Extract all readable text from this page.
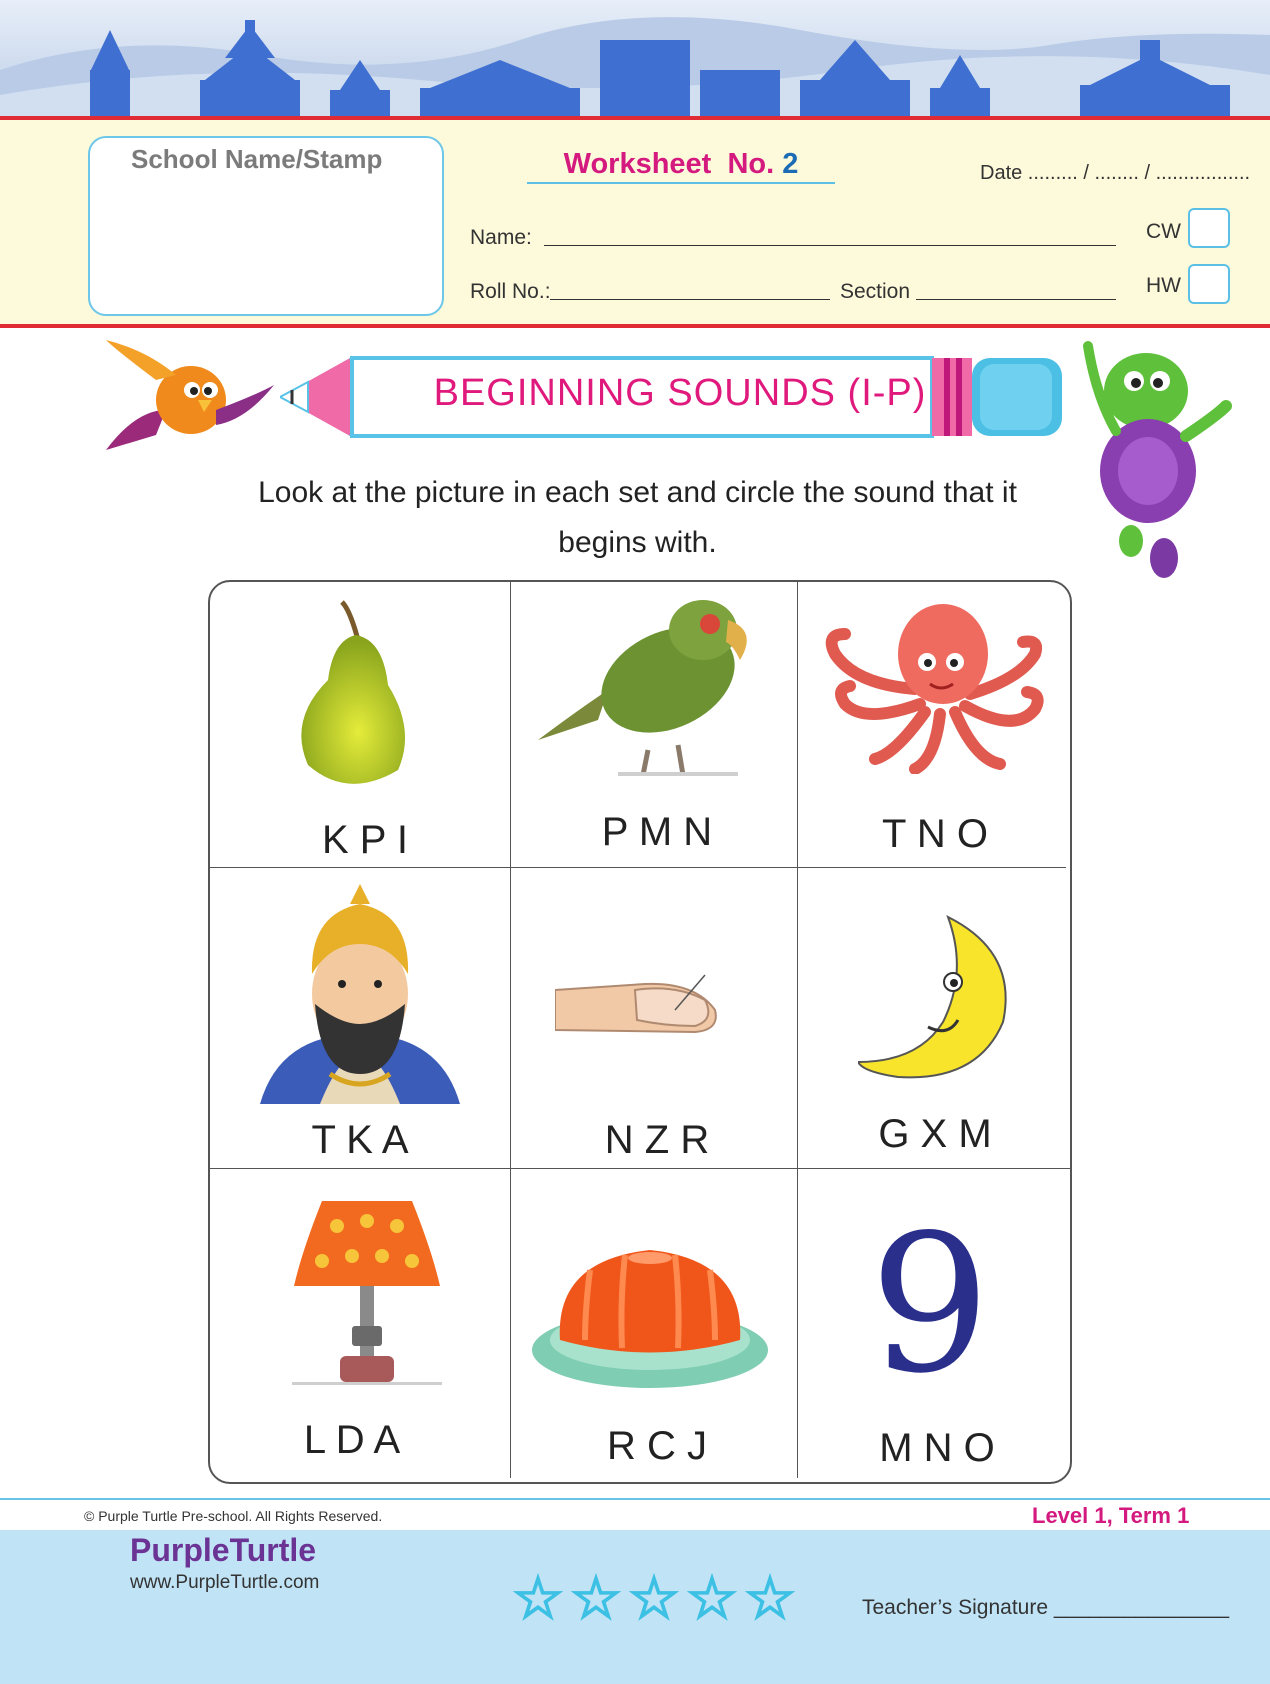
School Name/Stamp	Worksheet  No. 2	Date ......... / ........ / .................
Name:
Roll No.:	Section
CW
HW
BEGINNING SOUNDS (I-P)
Look at the picture in each set and circle the sound that it
begins with.
9
K P I	P M N	T N O
T K A	N Z R	G X M
L D A	R C J	M N O
© Purple Turtle Pre-school. All Rights Reserved.	Level 1, Term 1
PurpleTurtle
www.PurpleTurtle.com	☆ ☆ ☆ ☆ ☆	Teacher’s Signature _______________
